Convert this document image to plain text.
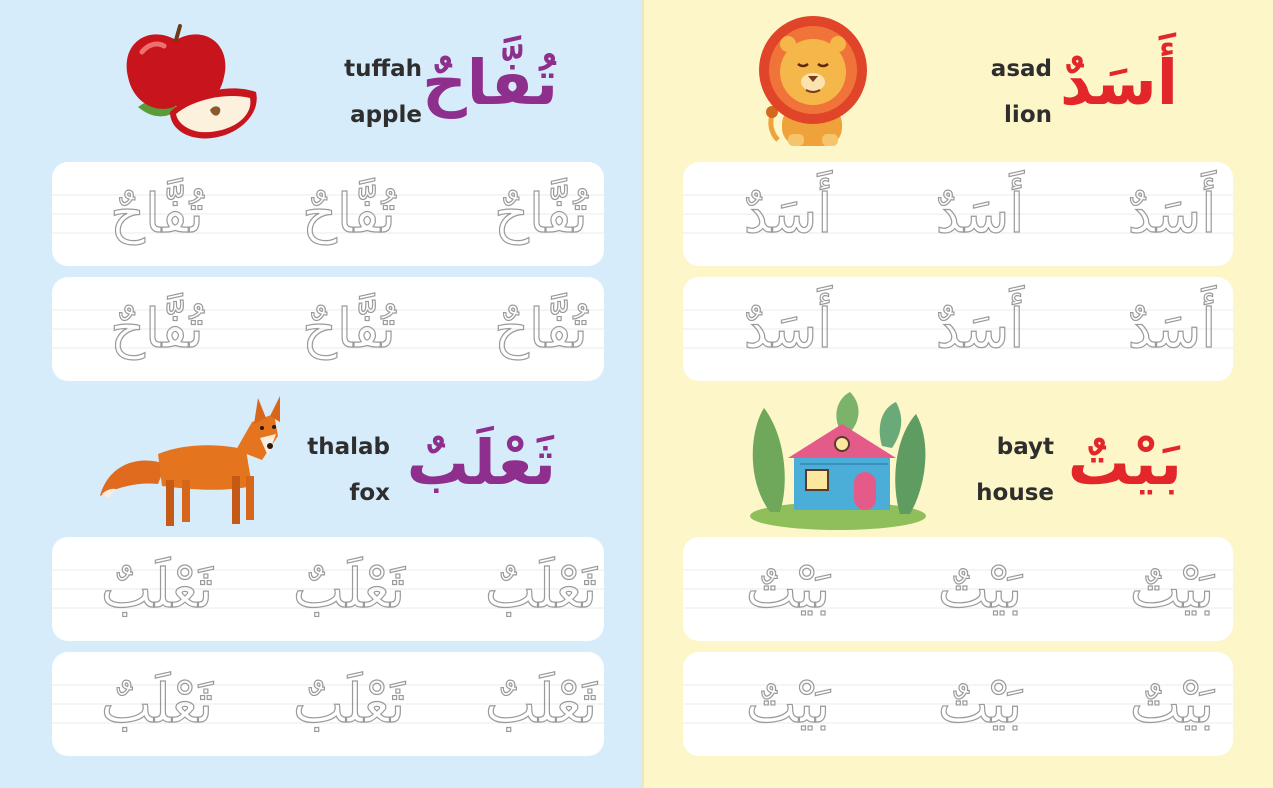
tuffah
apple تُفَّاحٌ
تُفَّاحٌ	تُفَّاحٌ	تُفَّاحٌ
تُفَّاحٌ	تُفَّاحٌ	تُفَّاحٌ
asad
lion أَسَدٌ
أَسَدٌ	أَسَدٌ	أَسَدٌ
أَسَدٌ	أَسَدٌ	أَسَدٌ
thalab
fox ثَعْلَبٌ
ثَعْلَبٌ	ثَعْلَبٌ	ثَعْلَبٌ
ثَعْلَبٌ	ثَعْلَبٌ	ثَعْلَبٌ
bayt
house بَيْتٌ
بَيْتٌ	بَيْتٌ	بَيْتٌ
بَيْتٌ	بَيْتٌ	بَيْتٌ
